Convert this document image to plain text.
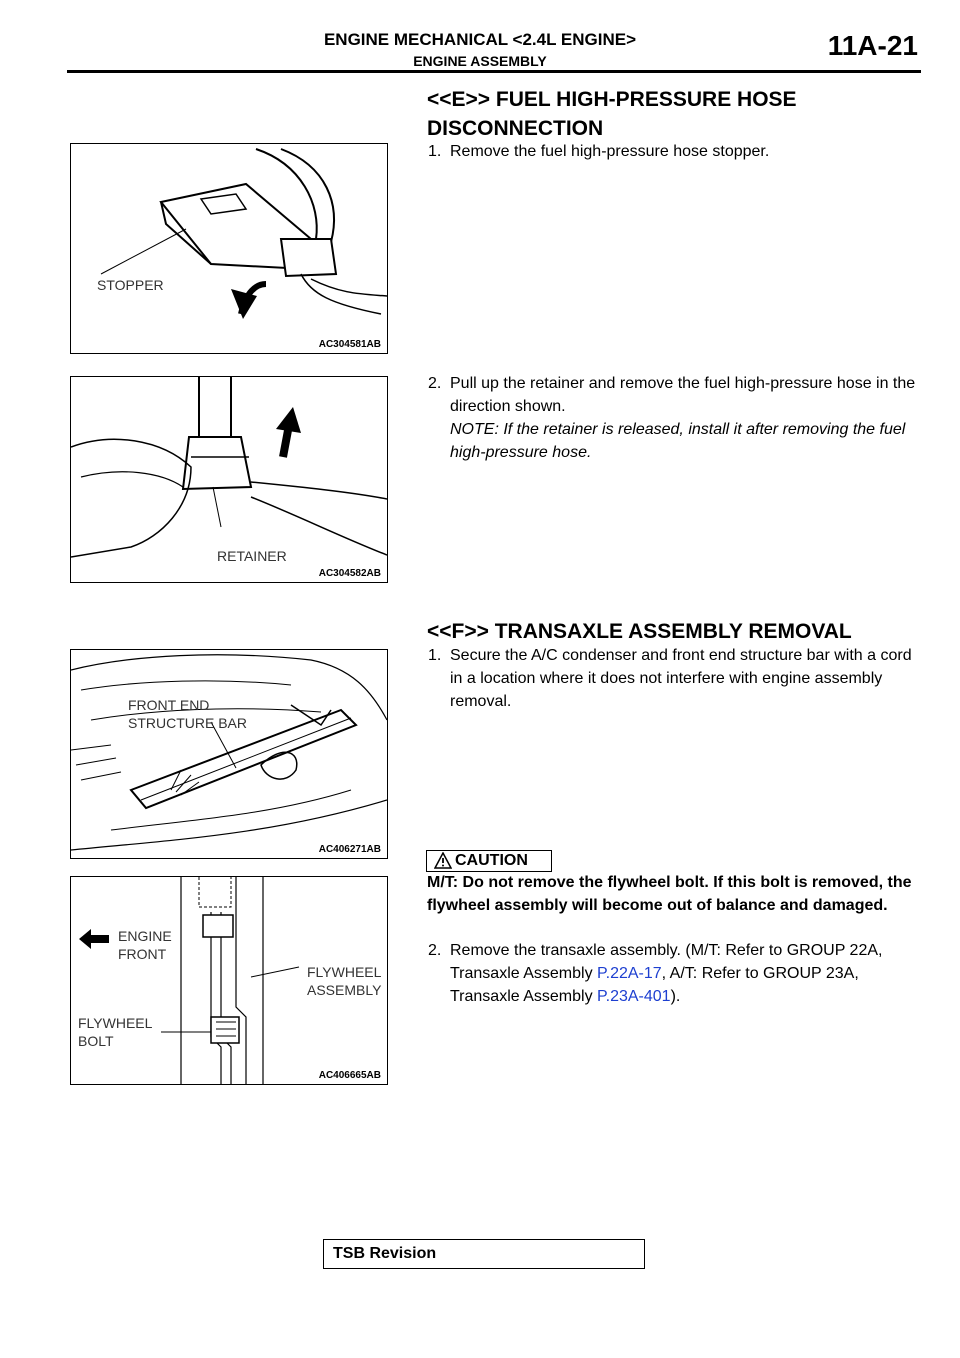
ENGINE MECHANICAL <2.4L ENGINE>
ENGINE ASSEMBLY	11A-21
<<E>> FUEL HIGH-PRESSURE HOSE
DISCONNECTION
STOPPER
AC304581AB
1. Remove the fuel high-pressure hose stopper.
RETAINER
AC304582AB
2. Pull up the retainer and remove the fuel high-pressure hose in the direction shown.
NOTE: If the retainer is released, install it after removing the fuel high-pressure hose.
<<F>> TRANSAXLE ASSEMBLY REMOVAL
FRONT END
STRUCTURE BAR
AC406271AB
1. Secure the A/C condenser and front end structure bar with a cord in a location where it does not interfere with engine assembly removal.
CAUTION
M/T: Do not remove the flywheel bolt. If this bolt is removed, the flywheel assembly will become out of balance and damaged.
ENGINE
FRONT
FLYWHEEL
ASSEMBLY
FLYWHEEL
BOLT
AC406665AB
2. Remove the transaxle assembly. (M/T: Refer to GROUP 22A, Transaxle Assembly P.22A-17, A/T: Refer to GROUP 23A, Transaxle Assembly P.23A-401).
TSB Revision
